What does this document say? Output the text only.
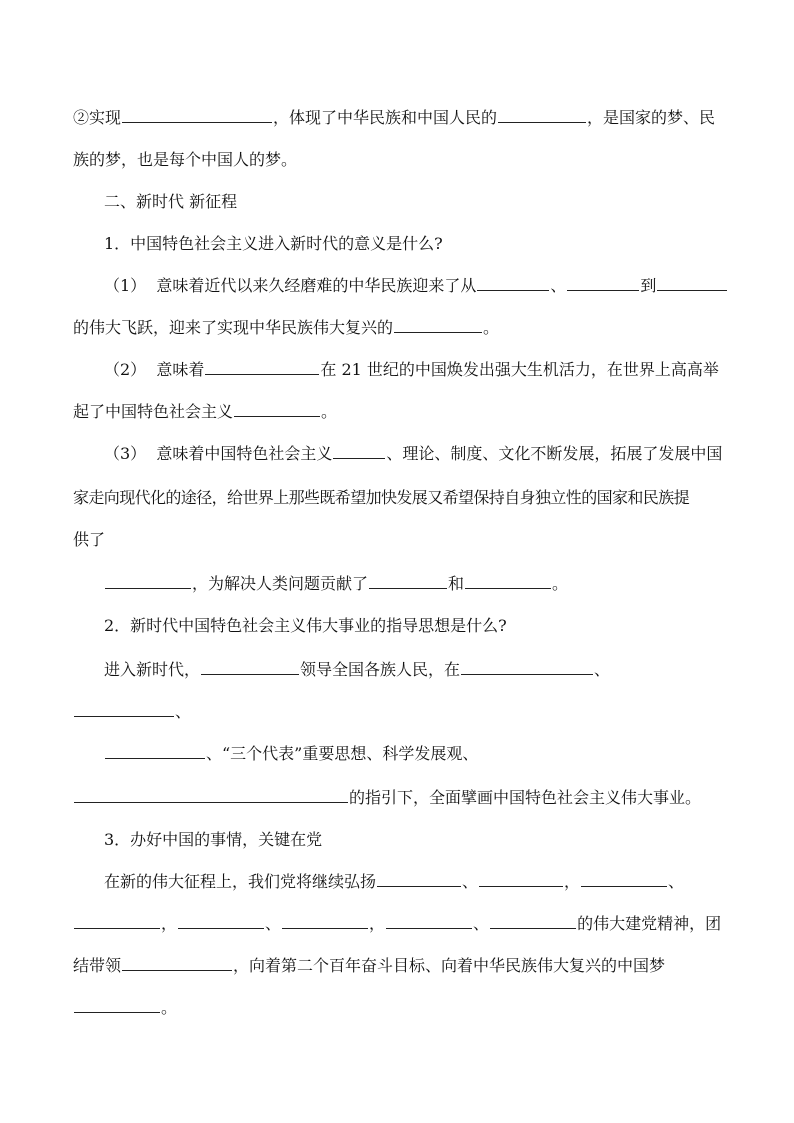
②实现	，体现了中华民族和中国人民的	，是国家的梦、民
族的梦，也是每个中国人的梦。
二、新时代 新征程
1．中国特色社会主义进入新时代的意义是什么?
（1） 意味着近代以来久经磨难的中华民族迎来了从	、	到
的伟大飞跃，迎来了实现中华民族伟大复兴的	。
（2） 意味着	在 21 世纪的中国焕发出强大生机活力，在世界上高高举
起了中国特色社会主义	。
（3） 意味着中国特色社会主义	、理论、制度、文化不断发展，拓展了发展中国
家走向现代化的途径，给世界上那些既希望加快发展又希望保持自身独立性的国家和民族提
供了
，为解决人类问题贡献了	和	。
2．新时代中国特色社会主义伟大事业的指导思想是什么?
进入新时代，	领导全国各族人民，在	、
、
、“三个代表”重要思想、科学发展观、
的指引下，全面擘画中国特色社会主义伟大事业。
3．办好中国的事情，关键在党
在新的伟大征程上，我们党将继续弘扬	、	，	、
，	、	，	、	的伟大建党精神，团
结带领	，向着第二个百年奋斗目标、向着中华民族伟大复兴的中国梦
。
